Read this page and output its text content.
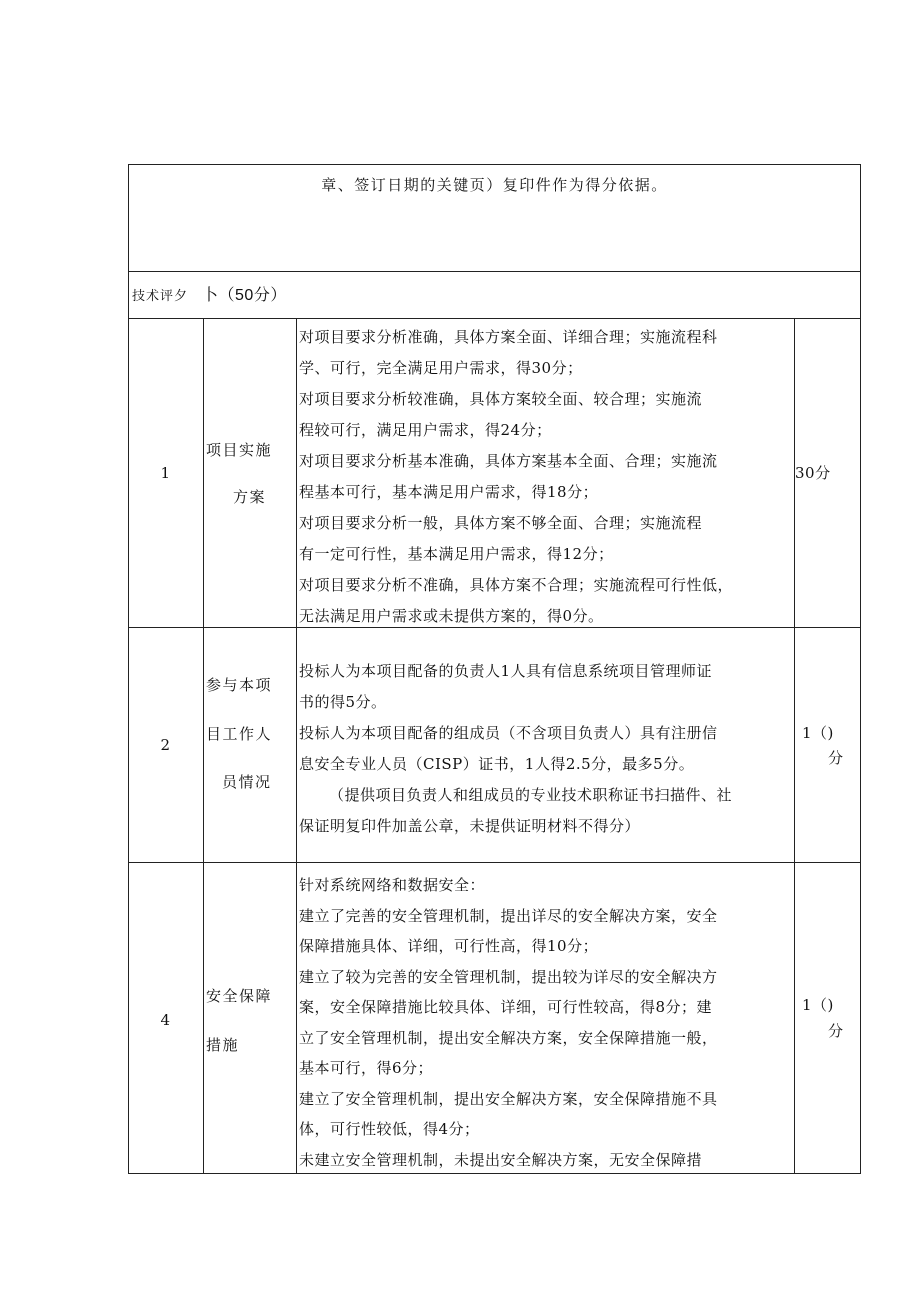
章、签订日期的关键页）复印件作为得分依据。
技术评夕 卜（50分）
1
项目实施
方案
对项目要求分析准确，具体方案全面、详细合理；实施流程科
学、可行，完全满足用户需求，得30分；
对项目要求分析较准确，具体方案较全面、较合理；实施流
程较可行，满足用户需求，得24分；
对项目要求分析基本准确，具体方案基本全面、合理；实施流
程基本可行，基本满足用户需求，得18分；
对项目要求分析一般，具体方案不够全面、合理；实施流程
有一定可行性，基本满足用户需求，得12分；
对项目要求分析不准确，具体方案不合理；实施流程可行性低，
无法满足用户需求或未提供方案的，得0分。
30分
2
参与本项
目工作人
员情况
投标人为本项目配备的负责人1人具有信息系统项目管理师证
书的得5分。
投标人为本项目配备的组成员（不含项目负责人）具有注册信
息安全专业人员（CISP）证书，1人得2.5分，最多5分。
（提供项目负责人和组成员的专业技术职称证书扫描件、社
保证明复印件加盖公章，未提供证明材料不得分）
1（)
分
4
安全保障
措施
针对系统网络和数据安全：
建立了完善的安全管理机制，提出详尽的安全解决方案，安全
保障措施具体、详细，可行性高，得10分；
建立了较为完善的安全管理机制，提出较为详尽的安全解决方
案，安全保障措施比较具体、详细，可行性较高，得8分；建
立了安全管理机制，提出安全解决方案，安全保障措施一般，
基本可行，得6分；
建立了安全管理机制，提出安全解决方案，安全保障措施不具
体，可行性较低，得4分；
未建立安全管理机制，未提出安全解决方案，无安全保障措
1（)
分
